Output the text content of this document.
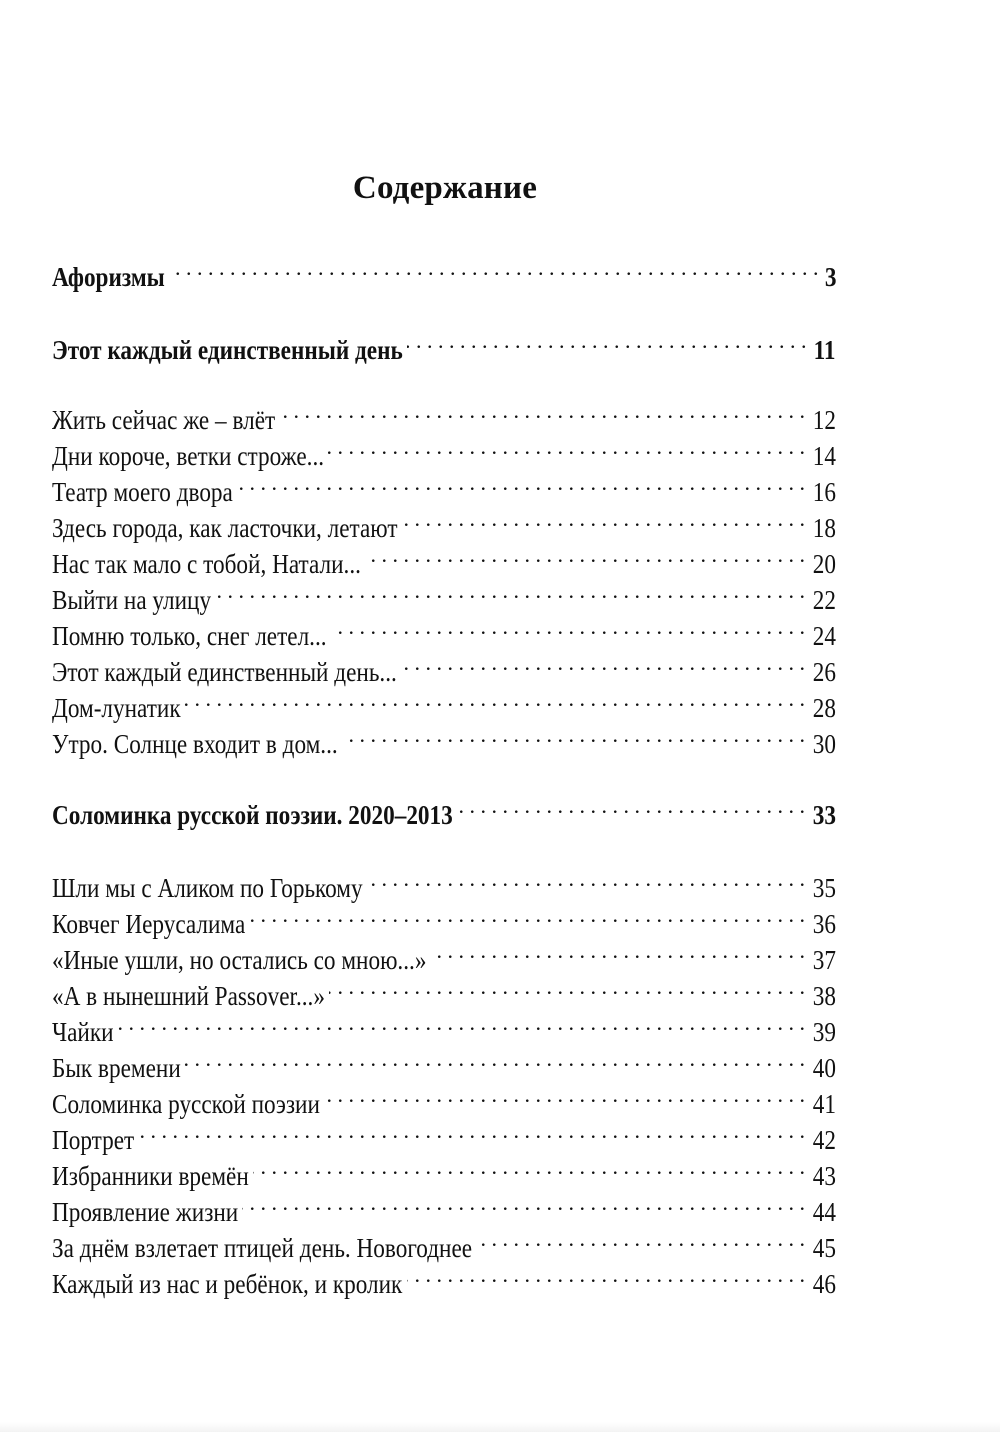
Содержание
Афоризмы . . .	3
Этот каждый единственный день . . .	11
Жить сейчас же – влёт . . .	12
Дни короче, ветки строже... . . .	14
Театр моего двора . . .	16
Здесь города, как ласточки, летают . . .	18
Нас так мало с тобой, Натали... . . .	20
Выйти на улицу . . .	22
Помню только, снег летел... . . .	24
Этот каждый единственный день... . . .	26
Дом-лунатик . . .	28
Утро. Солнце входит в дом... . . .	30
Соломинка русской поэзии. 2020–2013 . . .	33
Шли мы с Аликом по Горькому . . .	35
Ковчег Иерусалима . . .	36
«Иные ушли, но остались со мною...» . . .	37
«А в нынешний Passover...» . . .	38
Чайки . . .	39
Бык времени . . .	40
Соломинка русской поэзии . . .	41
Портрет . . .	42
Избранники времён . . .	43
Проявление жизни . . .	44
За днём взлетает птицей день. Новогоднее . . .	45
Каждый из нас и ребёнок, и кролик . . .	46
